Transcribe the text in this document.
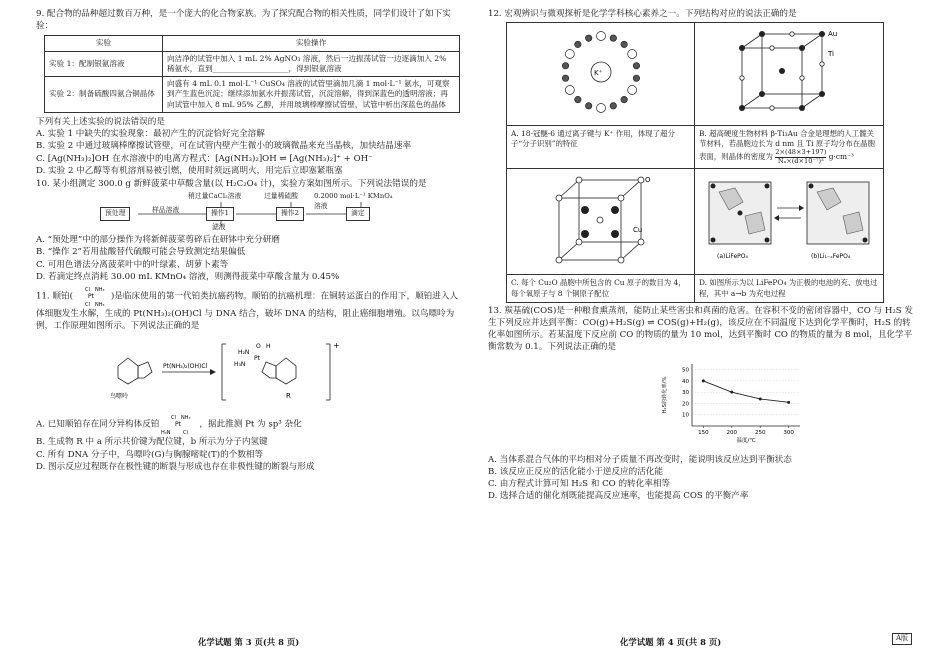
9. 配合物的品种超过数百万种，是一个庞大的化合物家族。为了探究配合物的相关性质，同学们设计了如下实验：

实验	实验操作
实验 1：配制银氨溶液	向洁净的试管中加入 1 mL 2% AgNO₃ 溶液，然后一边振荡试管一边逐滴加入 2% 稀氨水，直到____________________，得到银氨溶液
实验 2：制备硫酸四氨合铜晶体	向盛有 4 mL 0.1 mol·L⁻¹ CuSO₄ 溶液的试管里滴加几滴 1 mol·L⁻¹ 氨水，可观察到产生蓝色沉淀；继续添加氨水并振荡试管，沉淀溶解，得到深蓝色的透明溶液；再向试管中加入 8 mL 95% 乙醇，并用玻璃棒摩擦试管壁，试管中析出深蓝色的晶体

下列有关上述实验的说法错误的是

A. 实验 1 中缺失的实验现象：最初产生的沉淀恰好完全溶解

B. 实验 2 中通过玻璃棒摩擦试管壁，可在试管内壁产生微小的玻璃微晶来充当晶核，加快结晶速率

C. [Ag(NH₃)₂]OH 在水溶液中的电离方程式：[Ag(NH₃)₂]OH ⇌ [Ag(NH₃)₂]⁺ + OH⁻

D. 实验 2 中乙醇等有机溶剂易被引燃，使用时须远离明火，用完后立即塞紧瓶塞

10. 某小组测定 300.0 g 新鲜菠菜中草酸含量(以 H₂C₂O₄ 计)，实验方案如图所示。下列说法错误的是

预处理	样品溶液	操作1	操作2	滴定
稍过量CaCl₂溶液	过量稀硫酸 0.2000 mol·L⁻¹ KMnO₄溶液
滤液

A. “预处理”中的部分操作为将新鲜菠菜剪碎后在研钵中充分研磨

B. “操作 2”若用盐酸替代硫酸可能会导致测定结果偏低

C. 可用色谱法分离菠菜叶中的叶绿素、胡萝卜素等

D. 若滴定终点消耗 30.00 mL KMnO₄ 溶液，则测得菠菜中草酸含量为 0.45%

11. 顺铂(
Cl NH₃
Pt
Cl NH₃
)是临床使用的第一代铂类抗癌药物。顺铂的抗癌机理：在铜转运蛋白的作用下，顺铂进入人体细胞发生水解，生成的 Pt(NH₃)₂(OH)Cl 与 DNA 结合，破坏 DNA 的结构，阻止癌细胞增殖。以鸟嘌呤为例，工作原理如图所示。下列说法正确的是

鸟嘌呤
Pt(NH₃)₂(OH)Cl
R
+
H₂N
O H
Pt
H₃N

A. 已知顺铂存在同分异构体反铂
Cl NH₃
Pt
H₃N Cl
，据此推测 Pt 为 sp³ 杂化

B. 生成物 R 中 a 所示共价键为配位键，b 所示为分子内氢键

C. 所有 DNA 分子中，鸟嘌呤(G)与胸腺嘧啶(T)的个数相等

D. 图示反应过程既存在极性键的断裂与形成也存在非极性键的断裂与形成

12. 宏观辨识与微观探析是化学学科核心素养之一。下列结构对应的说法正确的是

K⁺	Au
Ti

A. 18-冠醚-6 通过离子键与 K⁺ 作用，体现了超分子“分子识别”的特征	B. 超高硬度生物材料 β-Ti₃Au 合金是理想的人工髋关节材料，若晶胞边长为 d nm 且 Ti 原子均分布在晶胞表面，则晶体的密度为 $\frac{2\times(48\times 3+197)}{\text{Nₐ×(d×10⁻⁷)³}} g\cdot cm^{-3}$

O
Cu	(a)LiFePO₄ (b)Li₁₋ₓFePO₄

C. 每个 Cu₂O 晶胞中所包含的 Cu 原子的数目为 4，每个氧原子与 8 个铜原子配位	D. 如图所示为以 LiFePO₄ 为正极的电池的充、放电过程，其中 a→b 为充电过程

13. 羰基硫(COS)是一种粮食熏蒸剂，能防止某些害虫和真菌的危害。在容积不变的密闭容器中，CO 与 H₂S 发生下列反应并达到平衡：CO(g)+H₂S(g) ⇌ COS(g)+H₂(g)，该反应在不同温度下达到化学平衡时，H₂S 的转化率如图所示。若某温度下反应前 CO 的物质的量为 10 mol，达到平衡时 CO 的物质的量为 8 mol，且化学平衡常数为 0.1。下列说法正确的是

10
20
30
40
50
150	200	250	300
温度/℃
H₂S的转化率/%

A. 当体系混合气体的平均相对分子质量不再改变时，能说明该反应达到平衡状态

B. 该反应正反应的活化能小于逆反应的活化能

C. 由方程式计算可知 H₂S 和 CO 的转化率相等

D. 选择合适的催化剂既能提高反应速率，也能提高 COS 的平衡产率

化学试题 第 3 页(共 8 页)	化学试题 第 4 页(共 8 页)	A版
